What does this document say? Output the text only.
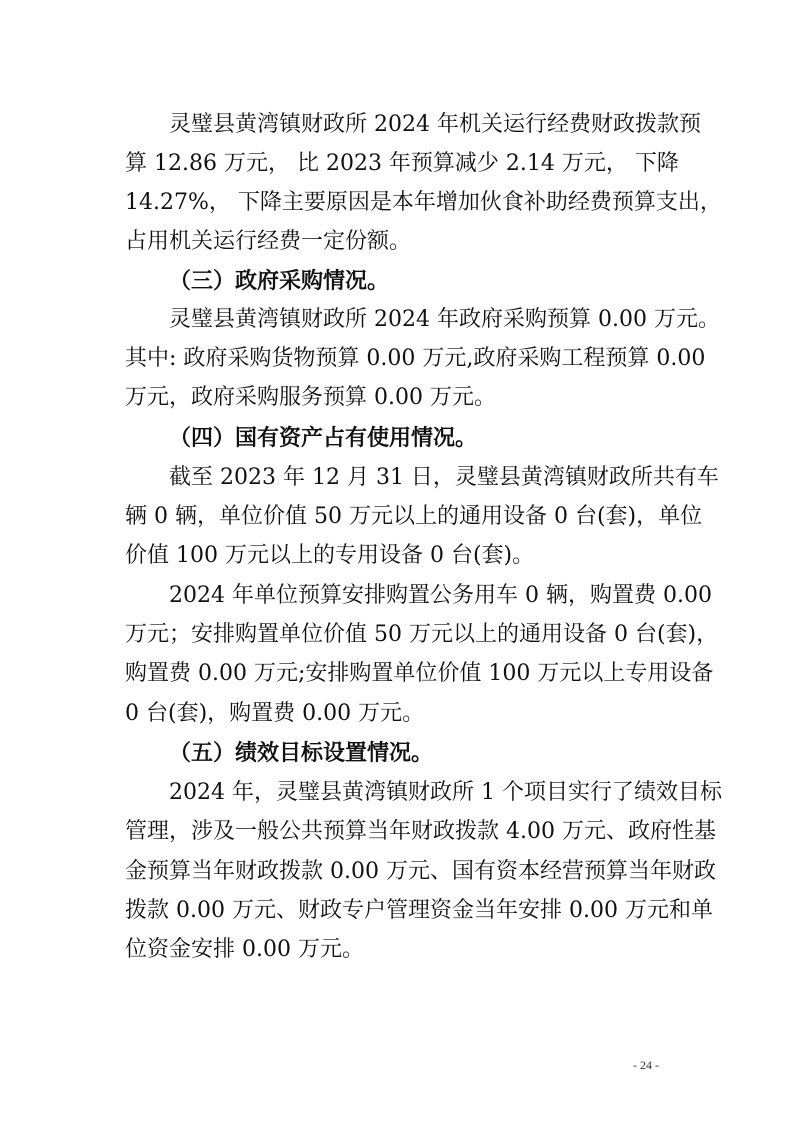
灵璧县黄湾镇财政所 2024 年机关运行经费财政拨款预
算 12.86 万元， 比 2023 年预算减少 2.14 万元， 下降
14.27%， 下降主要原因是本年增加伙食补助经费预算支出，
占用机关运行经费一定份额。
（三）政府采购情况。
灵璧县黄湾镇财政所 2024 年政府采购预算 0.00 万元。
其中: 政府采购货物预算 0.00 万元,政府采购工程预算 0.00
万元，政府采购服务预算 0.00 万元。
（四）国有资产占有使用情况。
截至 2023 年 12 月 31 日，灵璧县黄湾镇财政所共有车
辆 0 辆，单位价值 50 万元以上的通用设备 0 台(套)，单位
价值 100 万元以上的专用设备 0 台(套)。
2024 年单位预算安排购置公务用车 0 辆，购置费 0.00
万元；安排购置单位价值 50 万元以上的通用设备 0 台(套)，
购置费 0.00 万元;安排购置单位价值 100 万元以上专用设备
0 台(套)，购置费 0.00 万元。
（五）绩效目标设置情况。
2024 年，灵璧县黄湾镇财政所 1 个项目实行了绩效目标
管理，涉及一般公共预算当年财政拨款 4.00 万元、政府性基
金预算当年财政拨款 0.00 万元、国有资本经营预算当年财政
拨款 0.00 万元、财政专户管理资金当年安排 0.00 万元和单
位资金安排 0.00 万元。
- 24 -
